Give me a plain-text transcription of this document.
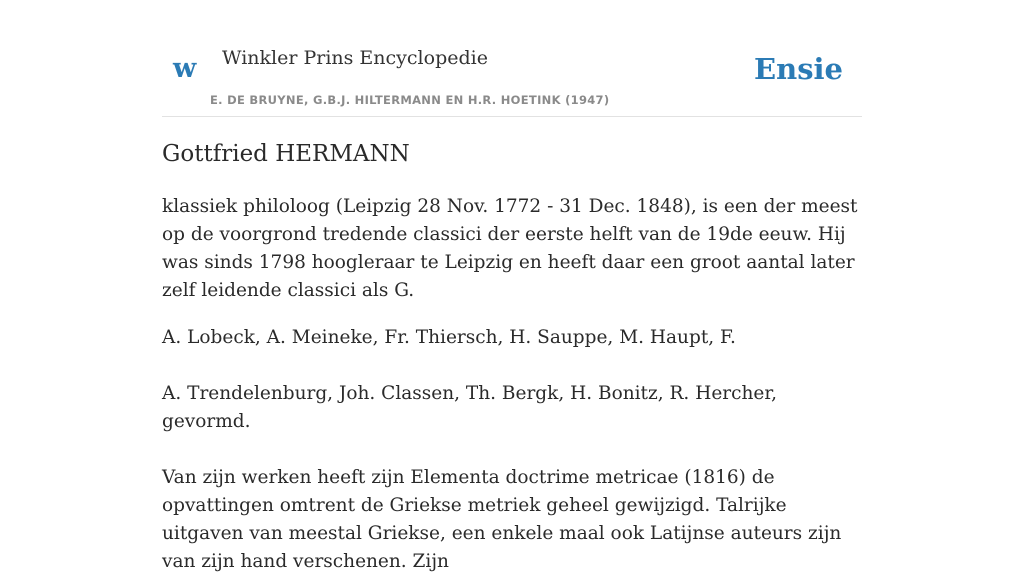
w Winkler Prins Encyclopedie
E. DE BRUYNE, G.B.J. HILTERMANN EN H.R. HOETINK (1947)
Ensie
Gottfried HERMANN

klassiek philoloog (Leipzig 28 Nov. 1772 - 31 Dec. 1848), is een der meest op de voorgrond tredende classici der eerste helft van de 19de eeuw. Hij was sinds 1798 hoogleraar te Leipzig en heeft daar een groot aantal later zelf leidende classici als G.

A. Lobeck, A. Meineke, Fr. Thiersch, H. Sauppe, M. Haupt, F.

A. Trendelenburg, Joh. Classen, Th. Bergk, H. Bonitz, R. Hercher, gevormd.

Van zijn werken heeft zijn Elementa doctrime metricae (1816) de opvattingen omtrent de Griekse metriek geheel gewijzigd. Talrijke uitgaven van meestal Griekse, een enkele maal ook Latijnse auteurs zijn van zijn hand verschenen. Zijn
